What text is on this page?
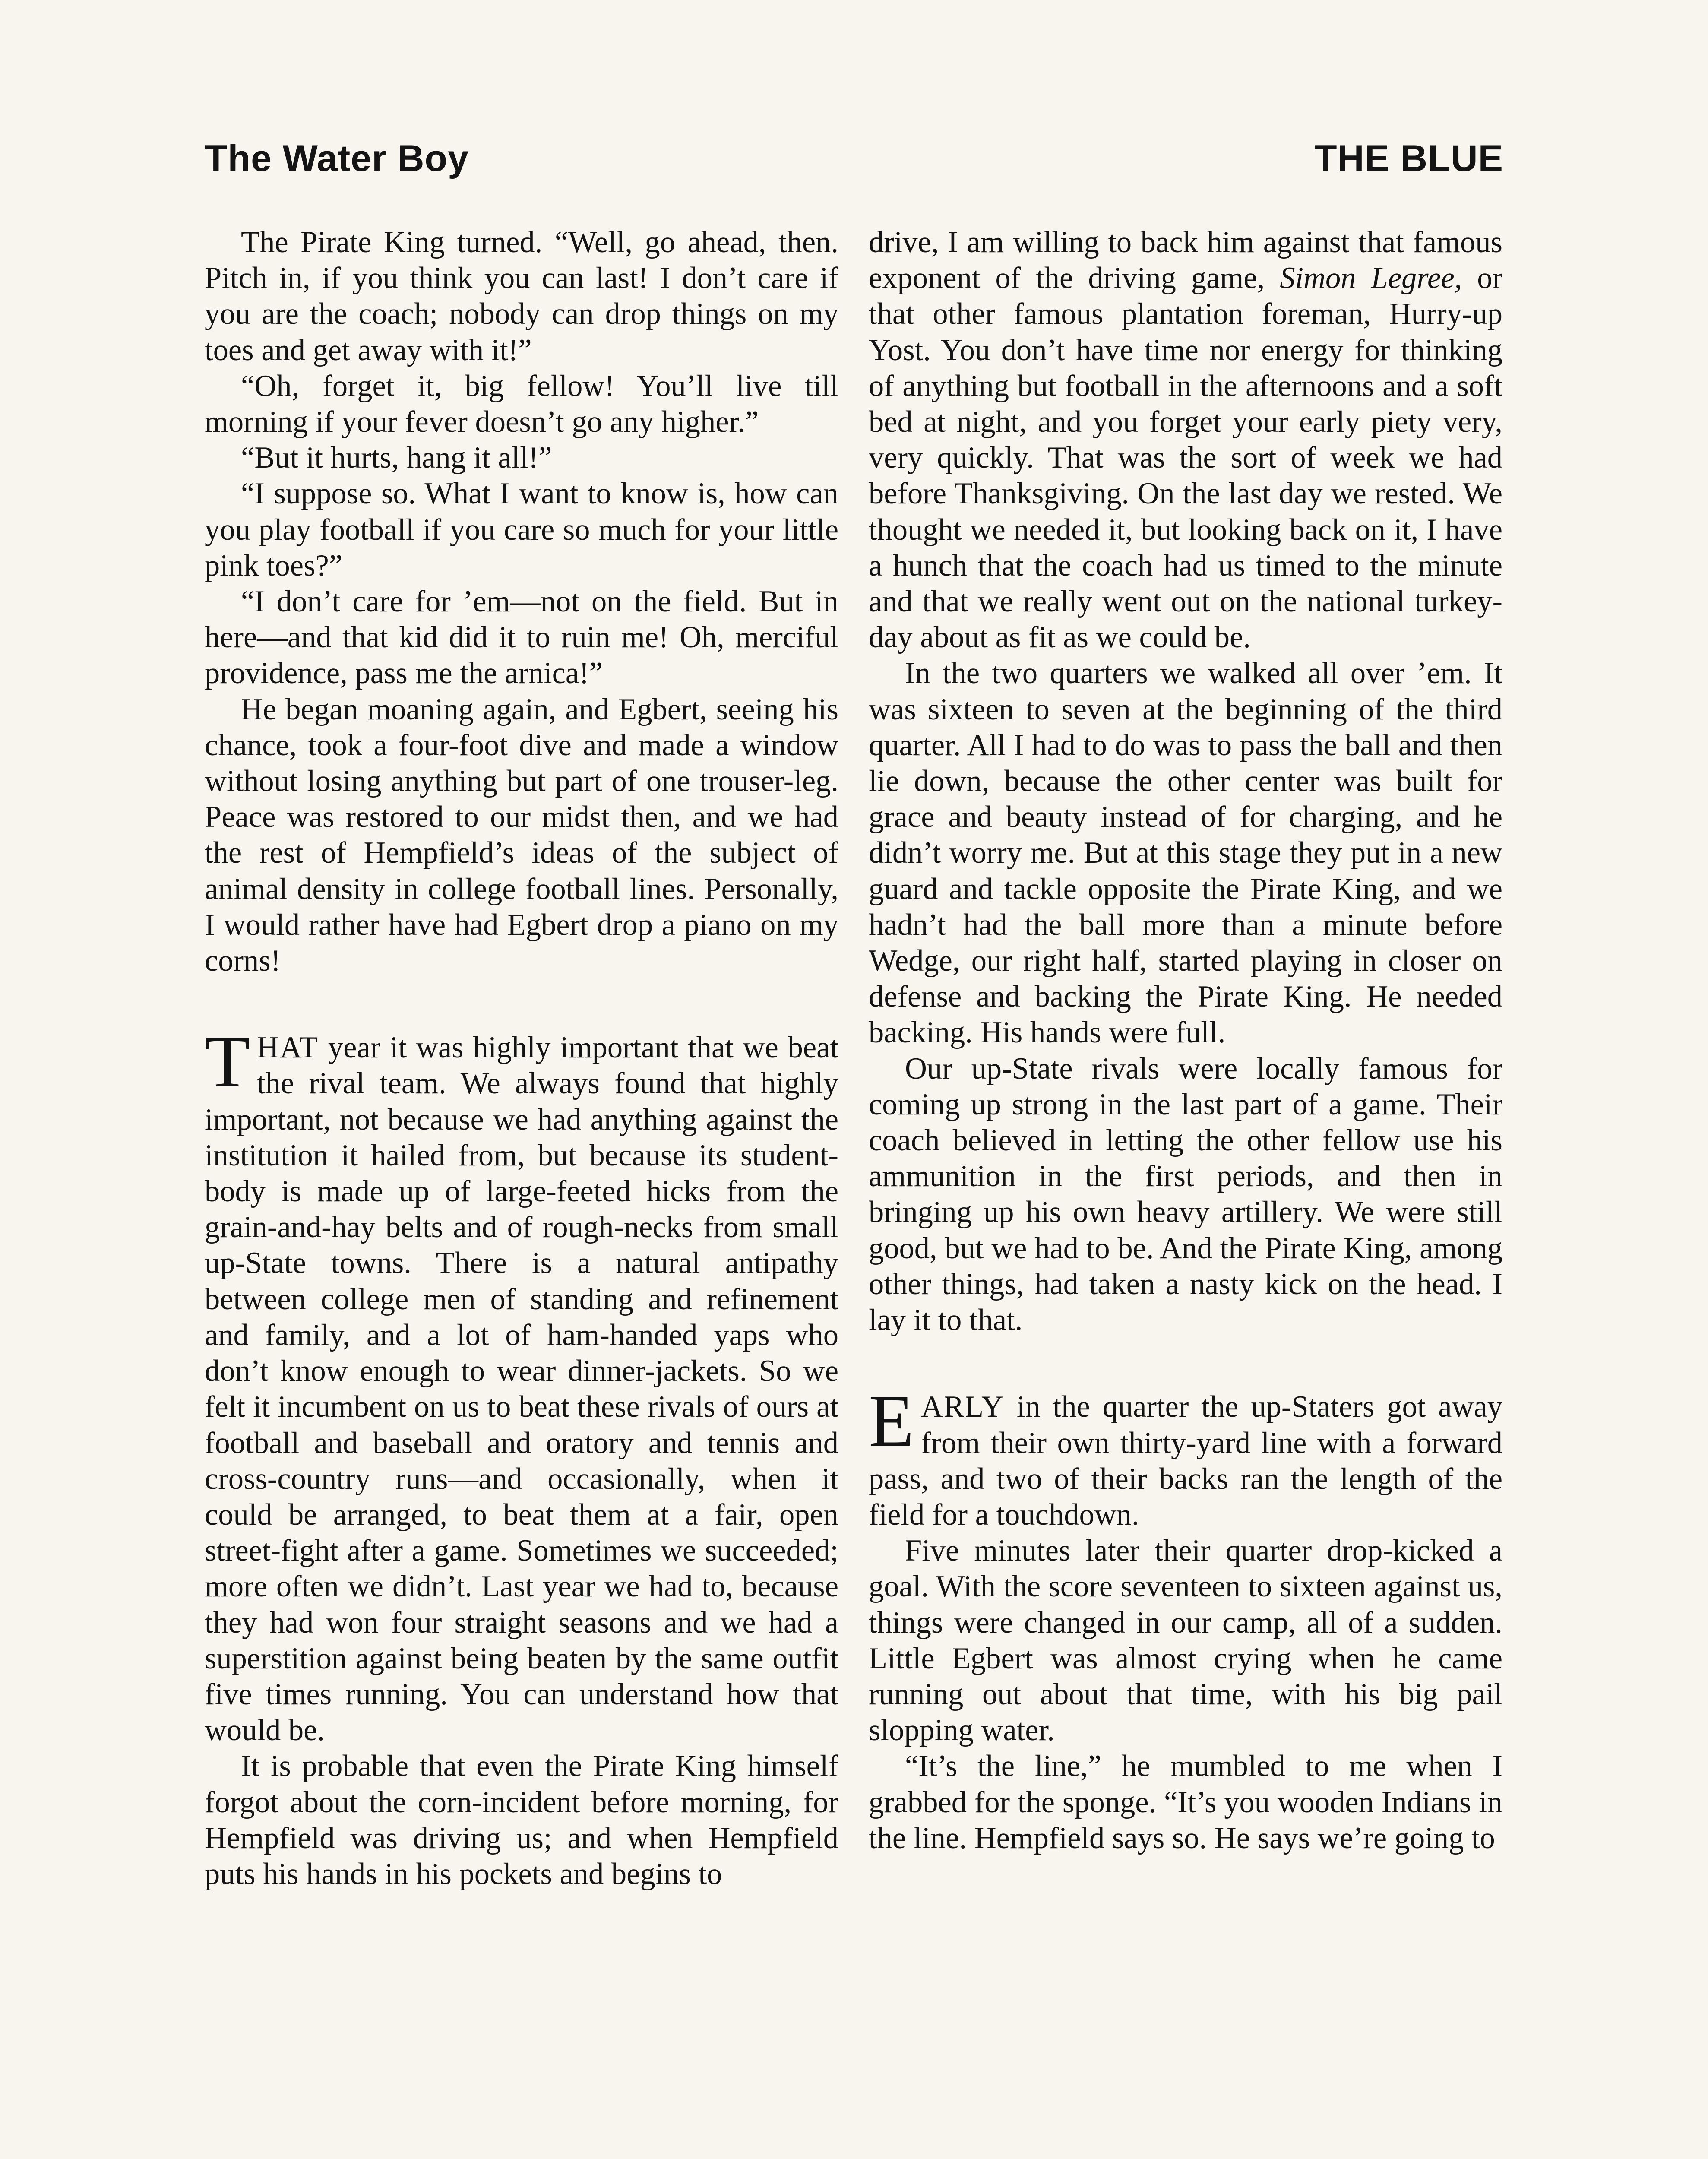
The Water Boy	THE BLUE

The Pirate King turned. “Well, go ahead, then. Pitch in, if you think you can last! I don’t care if you are the coach; nobody can drop things on my toes and get away with it!”

“Oh, forget it, big fellow! You’ll live till morning if your fever doesn’t go any higher.”

“But it hurts, hang it all!”

“I suppose so. What I want to know is, how can you play football if you care so much for your little pink toes?”

“I don’t care for ’em—not on the field. But in here—and that kid did it to ruin me! Oh, merciful providence, pass me the arnica!”

He began moaning again, and Egbert, seeing his chance, took a four-foot dive and made a window without losing anything but part of one trouser-leg. Peace was restored to our midst then, and we had the rest of Hempfield’s ideas of the subject of animal density in college football lines. Personally, I would rather have had Egbert drop a piano on my corns!

THAT year it was highly important that we beat the rival team. We always found that highly important, not because we had anything against the institution it hailed from, but because its student-body is made up of large-feeted hicks from the grain-and-hay belts and of rough-necks from small up-State towns. There is a natural antipathy between college men of standing and refinement and family, and a lot of ham-handed yaps who don’t know enough to wear dinner-jackets. So we felt it incumbent on us to beat these rivals of ours at football and baseball and oratory and tennis and cross-country runs—and occasionally, when it could be arranged, to beat them at a fair, open street-fight after a game. Sometimes we succeeded; more often we didn’t. Last year we had to, because they had won four straight seasons and we had a superstition against being beaten by the same outfit five times running. You can understand how that would be.

It is probable that even the Pirate King himself forgot about the corn-incident before morning, for Hempfield was driving us; and when Hempfield puts his hands in his pockets and begins to

drive, I am willing to back him against that famous exponent of the driving game, Simon Legree, or that other famous plantation foreman, Hurry-up Yost. You don’t have time nor energy for thinking of anything but football in the afternoons and a soft bed at night, and you forget your early piety very, very quickly. That was the sort of week we had before Thanksgiving. On the last day we rested. We thought we needed it, but looking back on it, I have a hunch that the coach had us timed to the minute and that we really went out on the national turkey-day about as fit as we could be.

In the two quarters we walked all over ’em. It was sixteen to seven at the beginning of the third quarter. All I had to do was to pass the ball and then lie down, because the other center was built for grace and beauty instead of for charging, and he didn’t worry me. But at this stage they put in a new guard and tackle opposite the Pirate King, and we hadn’t had the ball more than a minute before Wedge, our right half, started playing in closer on defense and backing the Pirate King. He needed backing. His hands were full.

Our up-State rivals were locally famous for coming up strong in the last part of a game. Their coach believed in letting the other fellow use his ammunition in the first periods, and then in bringing up his own heavy artillery. We were still good, but we had to be. And the Pirate King, among other things, had taken a nasty kick on the head. I lay it to that.

EARLY in the quarter the up-Staters got away from their own thirty-yard line with a forward pass, and two of their backs ran the length of the field for a touchdown.

Five minutes later their quarter drop-kicked a goal. With the score seventeen to sixteen against us, things were changed in our camp, all of a sudden. Little Egbert was almost crying when he came running out about that time, with his big pail slopping water.

“It’s the line,” he mumbled to me when I grabbed for the sponge. “It’s you wooden Indians in the line. Hempfield says so. He says we’re going to
